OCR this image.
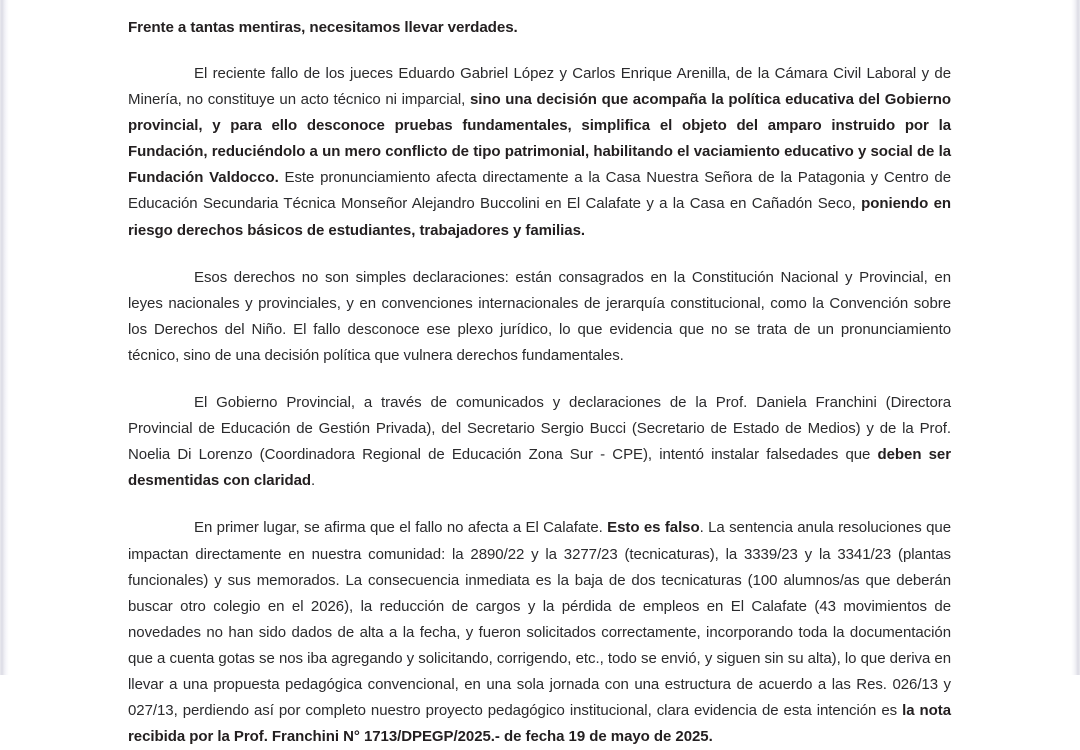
Frente a tantas mentiras, necesitamos llevar verdades.

El reciente fallo de los jueces Eduardo Gabriel López y Carlos Enrique Arenilla, de la Cámara Civil Laboral y de Minería, no constituye un acto técnico ni imparcial, sino una decisión que acompaña la política educativa del Gobierno provincial, y para ello desconoce pruebas fundamentales, simplifica el objeto del amparo instruido por la Fundación, reduciéndolo a un mero conflicto de tipo patrimonial, habilitando el vaciamiento educativo y social de la Fundación Valdocco. Este pronunciamiento afecta directamente a la Casa Nuestra Señora de la Patagonia y Centro de Educación Secundaria Técnica Monseñor Alejandro Buccolini en El Calafate y a la Casa en Cañadón Seco, poniendo en riesgo derechos básicos de estudiantes, trabajadores y familias.

Esos derechos no son simples declaraciones: están consagrados en la Constitución Nacional y Provincial, en leyes nacionales y provinciales, y en convenciones internacionales de jerarquía constitucional, como la Convención sobre los Derechos del Niño. El fallo desconoce ese plexo jurídico, lo que evidencia que no se trata de un pronunciamiento técnico, sino de una decisión política que vulnera derechos fundamentales.

El Gobierno Provincial, a través de comunicados y declaraciones de la Prof. Daniela Franchini (Directora Provincial de Educación de Gestión Privada), del Secretario Sergio Bucci (Secretario de Estado de Medios) y de la Prof. Noelia Di Lorenzo (Coordinadora Regional de Educación Zona Sur - CPE), intentó instalar falsedades que deben ser desmentidas con claridad.

En primer lugar, se afirma que el fallo no afecta a El Calafate. Esto es falso. La sentencia anula resoluciones que impactan directamente en nuestra comunidad: la 2890/22 y la 3277/23 (tecnicaturas), la 3339/23 y la 3341/23 (plantas funcionales) y sus memorados. La consecuencia inmediata es la baja de dos tecnicaturas (100 alumnos/as que deberán buscar otro colegio en el 2026), la reducción de cargos y la pérdida de empleos en El Calafate (43 movimientos de novedades no han sido dados de alta a la fecha, y fueron solicitados correctamente, incorporando toda la documentación que a cuenta gotas se nos iba agregando y solicitando, corrigendo, etc., todo se envió, y siguen sin su alta), lo que deriva en llevar a una propuesta pedagógica convencional, en una sola jornada con una estructura de acuerdo a las Res. 026/13 y 027/13, perdiendo así por completo nuestro proyecto pedagógico institucional, clara evidencia de esta intención es la nota recibida por la Prof. Franchini N° 1713/DPEGP/2025.- de fecha 19 de mayo de 2025.
